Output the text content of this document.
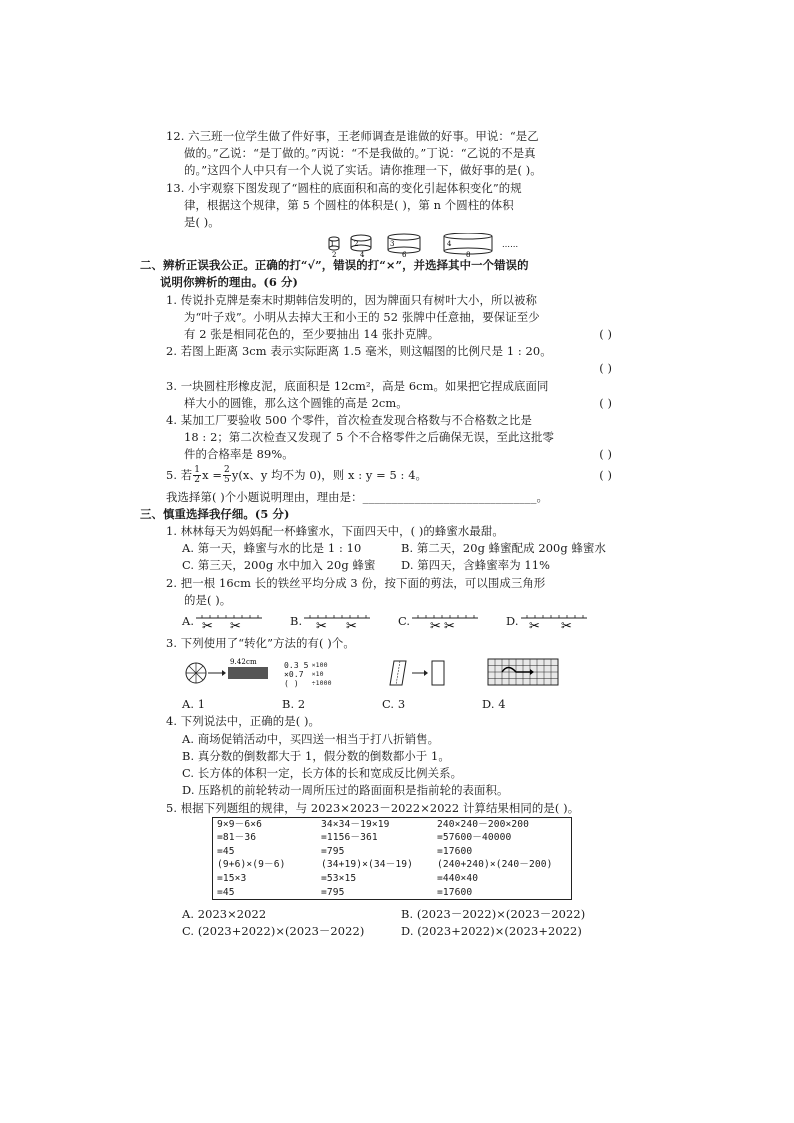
12. 六三班一位学生做了件好事，王老师调查是谁做的好事。甲说：“是乙
做的。”乙说：“是丁做的。”丙说：“不是我做的。”丁说：“乙说的不是真
的。”这四个人中只有一个人说了实话。请你推理一下，做好事的是( )。
13. 小宇观察下图发现了“圆柱的底面积和高的变化引起体积变化”的规
律，根据这个规律，第 5 个圆柱的体积是( )，第 n 个圆柱的体积
是( )。
1
2
2
4
3
6
4
8
……
二、辨析正误我公正。正确的打“√”，错误的打“×”，并选择其中一个错误的
说明你辨析的理由。(6 分)
1. 传说扑克牌是秦末时期韩信发明的，因为牌面只有树叶大小，所以被称
为“叶子戏”。小明从去掉大王和小王的 52 张牌中任意抽，要保证至少
有 2 张是相同花色的，至少要抽出 14 张扑克牌。	( )
2. 若图上距离 3cm 表示实际距离 1.5 毫米，则这幅图的比例尺是 1 : 20。
( )
3. 一块圆柱形橡皮泥，底面积是 12cm²，高是 6cm。如果把它捏成底面同
样大小的圆锥，那么这个圆锥的高是 2cm。	( )
4. 某加工厂要验收 500 个零件，首次检查发现合格数与不合格数之比是
18 : 2；第二次检查又发现了 5 个不合格零件之后确保无误，至此这批零
件的合格率是 89%。	( )
5. 若 $\frac{1}{2}$ $x = \frac{2}{5} y(x$、y 均不为 0)，则 x : y = 5 : 4。	( )
我选择第( )个小题说明理由，理由是：______________________________。
三、慎重选择我仔细。(5 分)
1. 林林每天为妈妈配一杯蜂蜜水，下面四天中，( )的蜂蜜水最甜。
A. 第一天，蜂蜜与水的比是 1 : 10	B. 第二天，20g 蜂蜜配成 200g 蜂蜜水
C. 第三天，200g 水中加入 20g 蜂蜜	D. 第四天，含蜂蜜率为 11%
2. 把一根 16cm 长的铁丝平均分成 3 份，按下面的剪法，可以围成三角形
的是( )。
A. ✂ ✂	B. ✂ ✂	C. ✂ ✂	D. ✂ ✂
3. 下列使用了“转化”方法的有( )个。
9.42cm	0.3 5
×0.7
( )
×100
×10
÷1000
A. 1	B. 2	C. 3	D. 4
4. 下列说法中，正确的是( )。
A. 商场促销活动中，买四送一相当于打八折销售。
B. 真分数的倒数都大于 1，假分数的倒数都小于 1。
C. 长方体的体积一定，长方体的长和宽成反比例关系。
D. 压路机的前轮转动一周所压过的路面面积是指前轮的表面积。
5. 根据下列题组的规律，与 2023×2023－2022×2022 计算结果相同的是( )。
9×9－6×6	34×34－19×19	240×240－200×200
=81－36	=1156－361	=57600－40000
=45	=795	=17600
(9+6)×(9－6)	(34+19)×(34－19)	(240+240)×(240－200)
=15×3	=53×15	=440×40
=45	=795	=17600
A. 2023×2022	B. (2023－2022)×(2023－2022)
C. (2023+2022)×(2023－2022)	D. (2023+2022)×(2023+2022)
